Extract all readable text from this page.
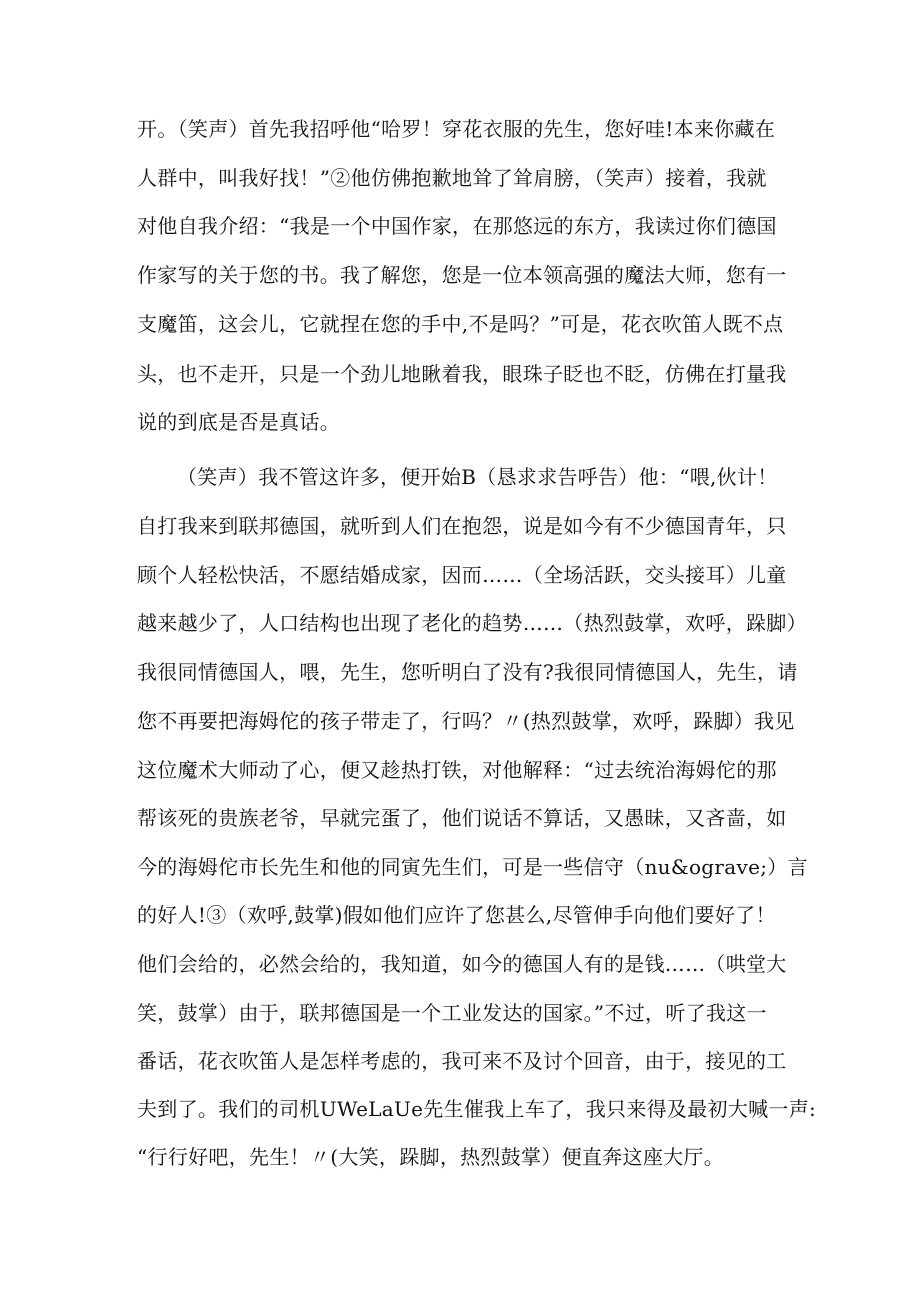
开。（笑声）首先我招呼他“哈罗！穿花衣服的先生，您好哇!本来你藏在
人群中，叫我好找！”②他仿佛抱歉地耸了耸肩膀，（笑声）接着，我就
对他自我介绍：“我是一个中国作家，在那悠远的东方，我读过你们德国
作家写的关于您的书。我了解您，您是一位本领高强的魔法大师，您有一
支魔笛，这会儿，它就捏在您的手中,不是吗？”可是，花衣吹笛人既不点
头，也不走开，只是一个劲儿地瞅着我，眼珠子眨也不眨，仿佛在打量我
说的到底是否是真话。
（笑声）我不管这许多，便开始B（恳求求告呼告）他：“喂,伙计！
自打我来到联邦德国，就听到人们在抱怨，说是如今有不少德国青年，只
顾个人轻松快活，不愿结婚成家，因而……（全场活跃，交头接耳）儿童
越来越少了，人口结构也出现了老化的趋势……（热烈鼓掌，欢呼，跺脚）
我很同情德国人，喂，先生，您听明白了没有?我很同情德国人，先生，请
您不再要把海姆佗的孩子带走了，行吗？〃(热烈鼓掌，欢呼，跺脚）我见
这位魔术大师动了心，便又趁热打铁，对他解释：“过去统治海姆佗的那
帮该死的贵族老爷，早就完蛋了，他们说话不算话，又愚昧，又吝啬，如
今的海姆佗市长先生和他的同寅先生们，可是一些信守（nu&ograve;）言
的好人!③（欢呼,鼓掌)假如他们应许了您甚么,尽管伸手向他们要好了！
他们会给的，必然会给的，我知道，如今的德国人有的是钱……（哄堂大
笑，鼓掌）由于，联邦德国是一个工业发达的国家。”不过，听了我这一
番话，花衣吹笛人是怎样考虑的，我可来不及讨个回音，由于，接见的工
夫到了。我们的司机UWeLaUe先生催我上车了，我只来得及最初大喊一声:
“行行好吧，先生！〃(大笑，跺脚，热烈鼓掌）便直奔这座大厅。
